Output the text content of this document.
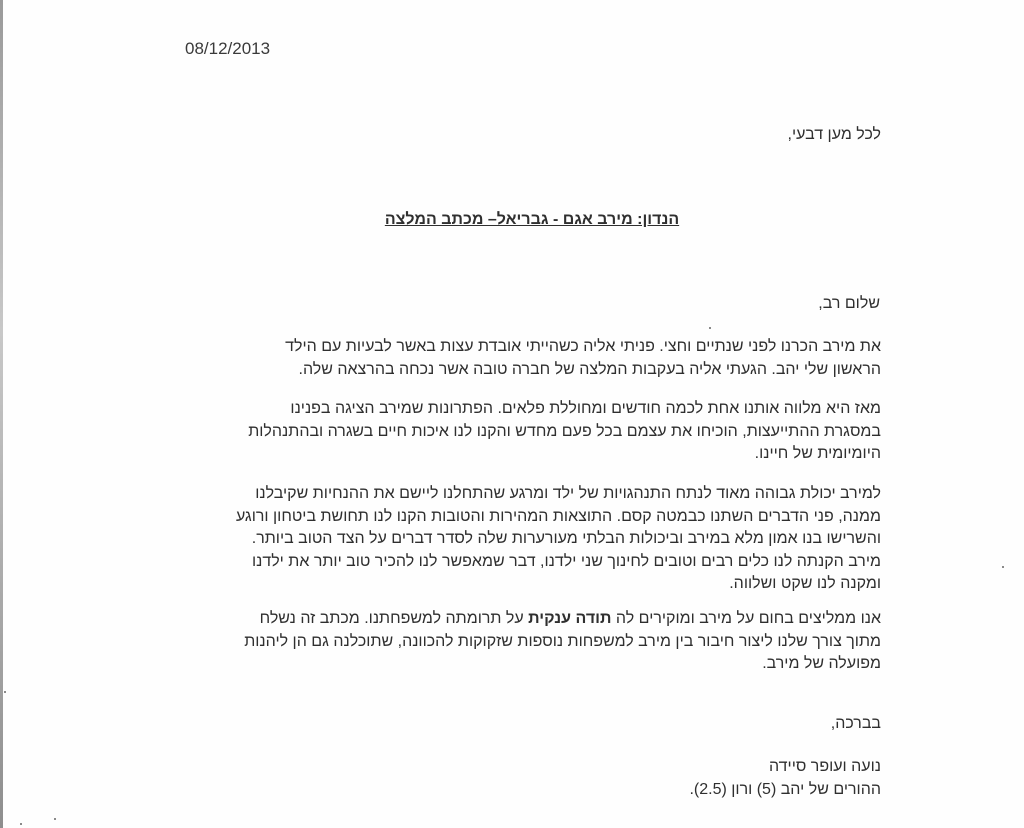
08/12/2013
לכל מען דבעי,
הנדון: מירב אגם - גבריאל– מכתב המלצה
שלום רב,
את מירב הכרנו לפני שנתיים וחצי. פניתי אליה כשהייתי אובדת עצות באשר לבעיות עם הילד
הראשון שלי יהב. הגעתי אליה בעקבות המלצה של חברה טובה אשר נכחה בהרצאה שלה.
מאז היא מלווה אותנו אחת לכמה חודשים ומחוללת פלאים. הפתרונות שמירב הציגה בפנינו
במסגרת ההתייעצות, הוכיחו את עצמם בכל פעם מחדש והקנו לנו איכות חיים בשגרה ובהתנהלות
היומיומית של חיינו.
למירב יכולת גבוהה מאוד לנתח התנהגויות של ילד ומרגע שהתחלנו ליישם את ההנחיות שקיבלנו
ממנה, פני הדברים השתנו כבמטה קסם. התוצאות המהירות והטובות הקנו לנו תחושת ביטחון ורוגע
והשרישו בנו אמון מלא במירב וביכולות הבלתי מעורערות שלה לסדר דברים על הצד הטוב ביותר.
מירב הקנתה לנו כלים רבים וטובים לחינוך שני ילדנו, דבר שמאפשר לנו להכיר טוב יותר את ילדנו
ומקנה לנו שקט ושלווה.
אנו ממליצים בחום על מירב ומוקירים לה תודה ענקית על תרומתה למשפחתנו. מכתב זה נשלח
מתוך צורך שלנו ליצור חיבור בין מירב למשפחות נוספות שזקוקות להכוונה, שתוכלנה גם הן ליהנות
מפועלה של מירב.
בברכה,
נועה ועופר סיידה
ההורים של יהב (5) ורון (2.5).
